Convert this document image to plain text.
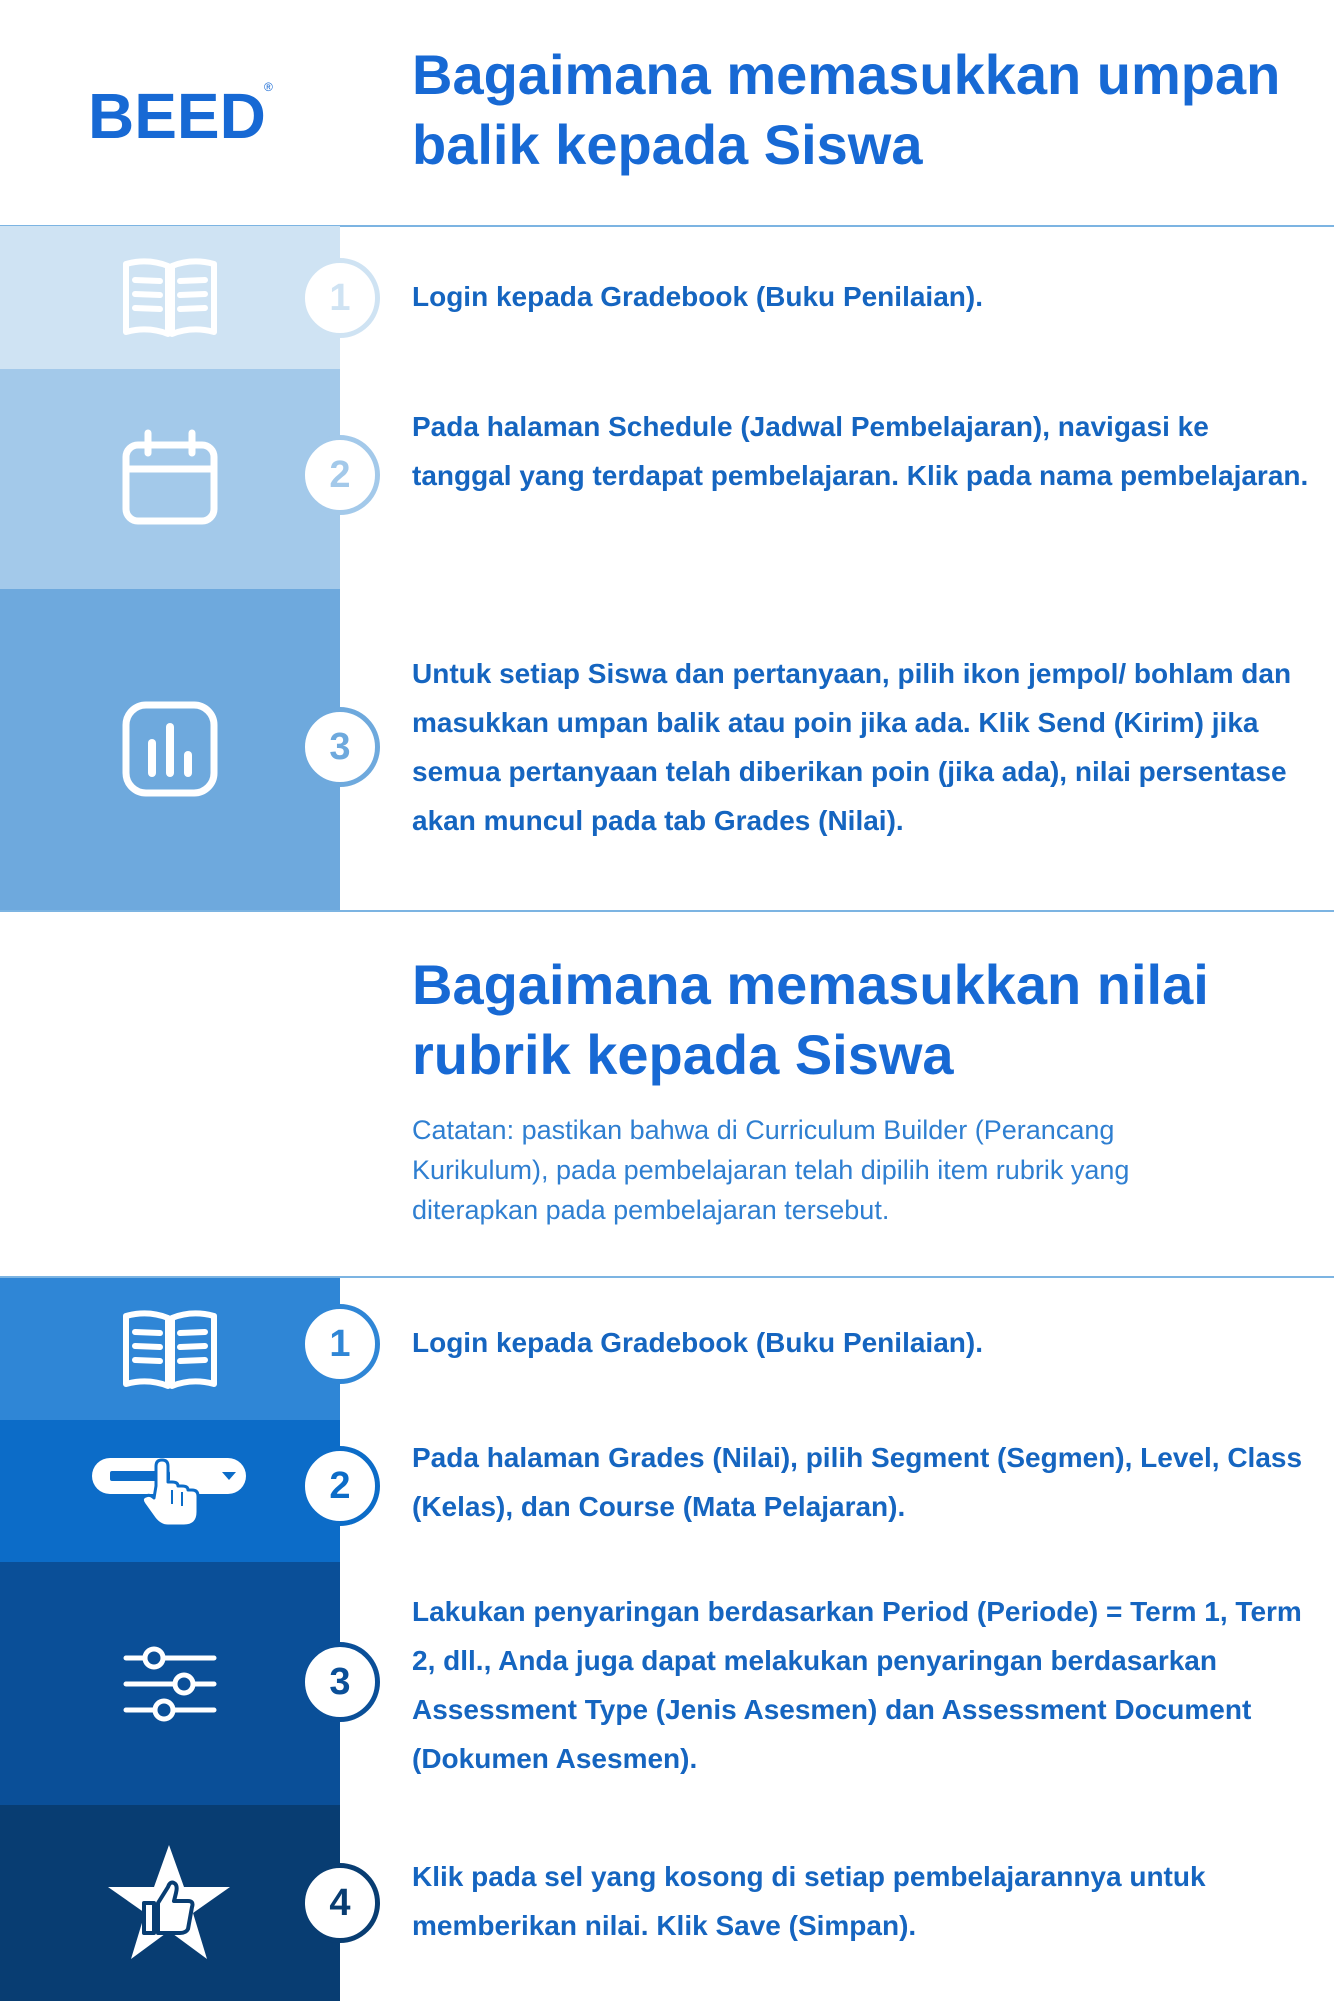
BEED
® Bagaimana memasukkan umpan balik kepada Siswa
1	Login kepada Gradebook (Buku Penilaian).

2

Pada halaman Schedule (Jadwal Pembelajaran), navigasi ke tanggal yang terdapat pembelajaran. Klik pada nama pembelajaran.

3

Untuk setiap Siswa dan pertanyaan, pilih ikon jempol/ bohlam dan masukkan umpan balik atau poin jika ada. Klik Send (Kirim) jika semua pertanyaan telah diberikan poin (jika ada), nilai persentase akan muncul pada tab Grades (Nilai).

Bagaimana memasukkan nilai rubrik kepada Siswa

Catatan: pastikan bahwa di Curriculum Builder (Perancang Kurikulum), pada pembelajaran telah dipilih item rubrik yang diterapkan pada pembelajaran tersebut.

1	Login kepada Gradebook (Buku Penilaian).

2

Pada halaman Grades (Nilai), pilih Segment (Segmen), Level, Class (Kelas), dan Course (Mata Pelajaran).

3

Lakukan penyaringan berdasarkan Period (Periode) = Term 1, Term 2, dll., Anda juga dapat melakukan penyaringan berdasarkan Assessment Type (Jenis Asesmen) dan Assessment Document (Dokumen Asesmen).

4

Klik pada sel yang kosong di setiap pembelajarannya untuk memberikan nilai. Klik Save (Simpan).
